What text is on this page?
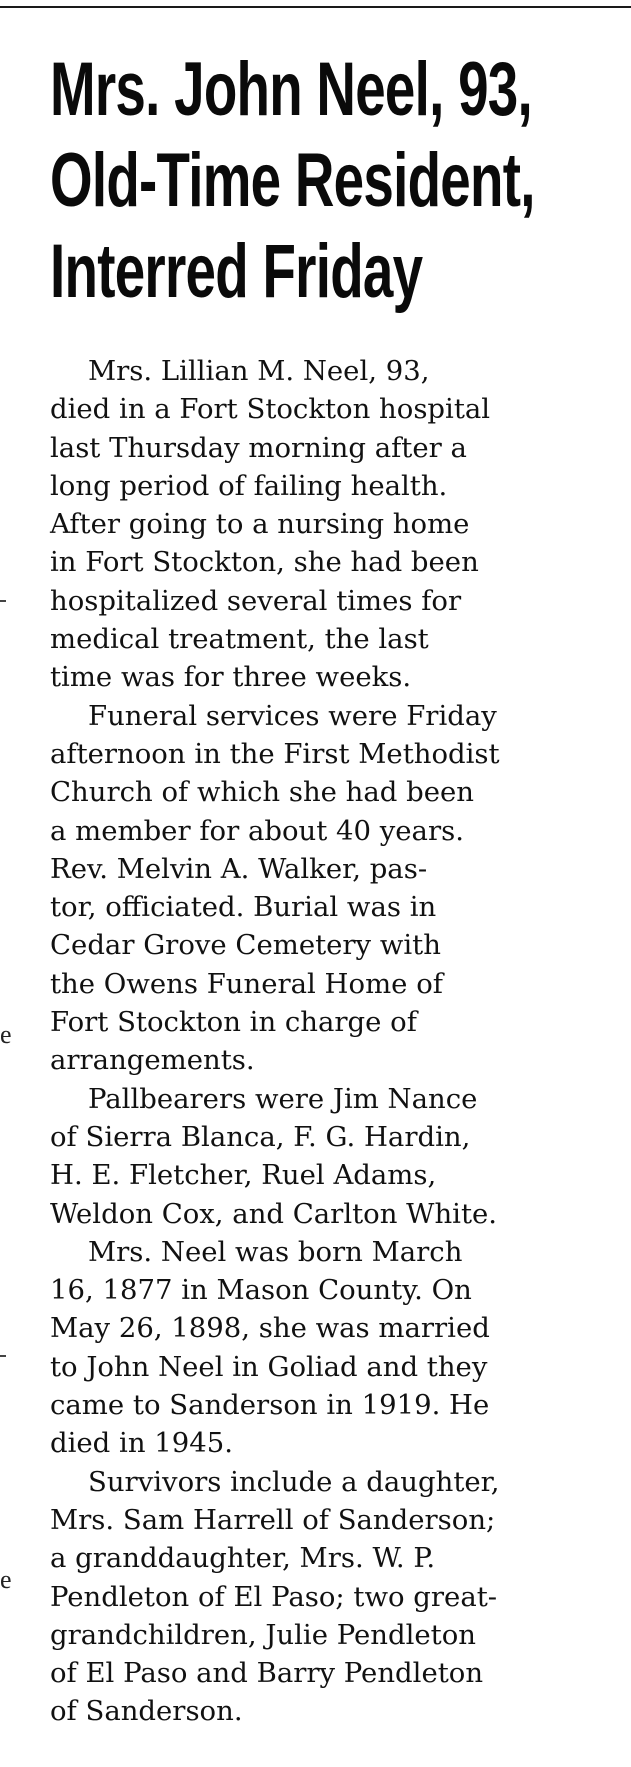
e
e
Mrs. John Neel, 93,
Old-Time Resident,
Interred Friday

Mrs. Lillian M. Neel, 93,
died in a Fort Stockton hospital
last Thursday morning after a
long period of failing health.
After going to a nursing home
in Fort Stockton, she had been
hospitalized several times for
medical treatment, the last
time was for three weeks.

Funeral services were Friday
afternoon in the First Methodist
Church of which she had been
a member for about 40 years.
Rev. Melvin A. Walker, pas-
tor, officiated. Burial was in
Cedar Grove Cemetery with
the Owens Funeral Home of
Fort Stockton in charge of
arrangements.

Pallbearers were Jim Nance
of Sierra Blanca, F. G. Hardin,
H. E. Fletcher, Ruel Adams,
Weldon Cox, and Carlton White.

Mrs. Neel was born March
16, 1877 in Mason County. On
May 26, 1898, she was married
to John Neel in Goliad and they
came to Sanderson in 1919. He
died in 1945.

Survivors include a daughter,
Mrs. Sam Harrell of Sanderson;
a granddaughter, Mrs. W. P.
Pendleton of El Paso; two great-
grandchildren, Julie Pendleton
of El Paso and Barry Pendleton
of Sanderson.
